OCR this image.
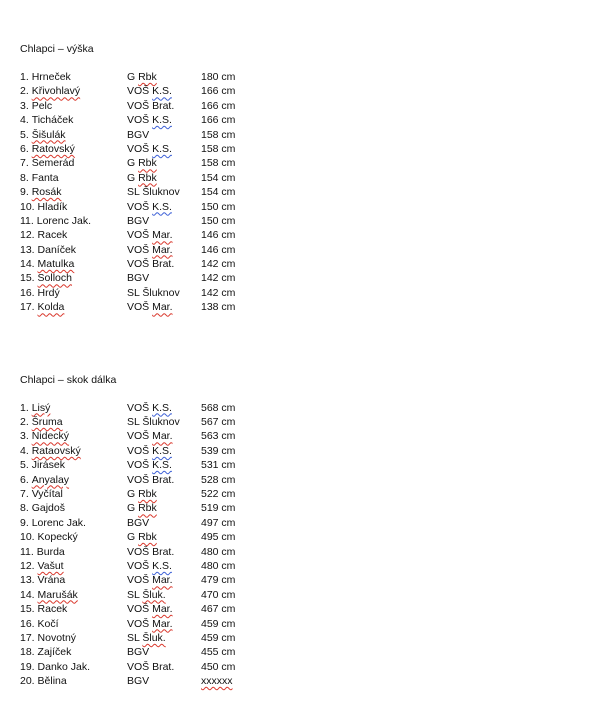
Chlapci – výška
1. Hrneček	G Rbk	180 cm
2. Křivohlavý	VOŠ K.S.	166 cm
3. Pelc	VOŠ Brat.	166 cm
4. Ticháček	VOŠ K.S.	166 cm
5. Šišulák	BGV	158 cm
6. Ratovský	VOŠ K.S.	158 cm
7. Semerád	G Rbk	158 cm
8. Fanta	G Rbk	154 cm
9. Rosák	SL Šluknov 154 cm
10. Hladík	VOŠ K.S.	150 cm
11. Lorenc Jak.	BGV	150 cm
12. Racek	VOŠ Mar.	146 cm
13. Daníček	VOŠ Mar.	146 cm
14. Matulka	VOŠ Brat.	142 cm
15. Solloch	BGV	142 cm
16. Hrdý	SL Šluknov 142 cm
17. Kolda	VOŠ Mar.	138 cm
Chlapci – skok dálka
1. Lisý	VOŠ K.S.	568 cm
2. Šruma	SL Šluknov 567 cm
3. Nidecký	VOŠ Mar.	563 cm
4. Rataovský	VOŠ K.S.	539 cm
5. Jirásek	VOŠ K.S.	531 cm
6. Anyalay	VOŠ Brat.	528 cm
7. Vyčítal	G Rbk	522 cm
8. Gajdoš	G Rbk	519 cm
9. Lorenc Jak.	BGV	497 cm
10. Kopecký	G Rbk	495 cm
11. Burda	VOŠ Brat.	480 cm
12. Vašut	VOŠ K.S.	480 cm
13. Vrána	VOŠ Mar.	479 cm
14. Marušák	SL Šluk.	470 cm
15. Racek	VOŠ Mar.	467 cm
16. Kočí	VOŠ Mar.	459 cm
17. Novotný	SL Šluk.	459 cm
18. Zajíček	BGV	455 cm
19. Danko Jak.	VOŠ Brat.	450 cm
20. Bělina	BGV	xxxxxx
